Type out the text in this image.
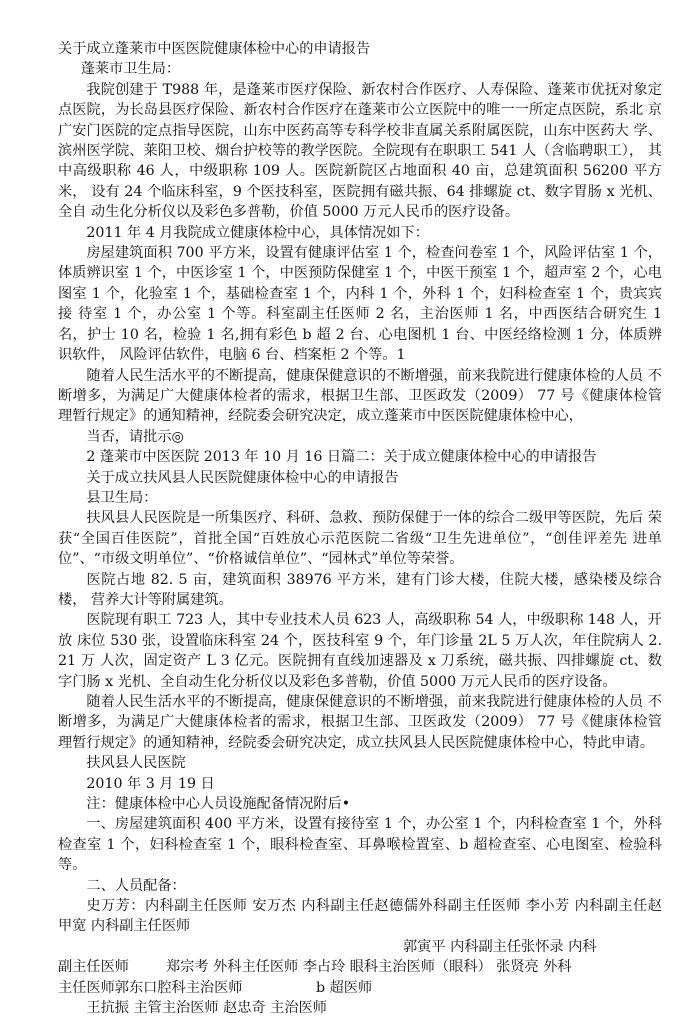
关于成立蓬莱市中医医院健康体检中心的申请报告

蓬莱市卫生局：

我院创建于 T988 年，是蓬莱市医疗保险、新农村合作医疗、人寿保险、蓬莱市优抚对象定 点医院，为长岛县医疗保险、新农村合作医疗在蓬莱市公立医院中的唯一一所定点医院，系北 京广安门医院的定点指导医院，山东中医药高等专科学校非直属关系附属医院，山东中医药大 学、滨州医学院、莱阳卫校、烟台护校等的教学医院。全院现有在职职工 541 人（含临聘职工）， 其中高级职称 46 人，中级职称 109 人。医院新院区占地面积 40 亩，总建筑面积 56200 平方米， 设有 24 个临床科室，9 个医技科室，医院拥有磁共振、64 排螺旋 ct、数字胃肠 x 光机、全自 动生化分析仪以及彩色多普勒，价值 5000 万元人民币的医疗设备。

2011 年 4 月我院成立健康体检中心，具体情况如下：

房屋建筑面积 700 平方米，设置有健康评估室 1 个，检查问卷室 1 个，风险评估室 1 个， 体质辨识室 1 个，中医诊室 1 个，中医预防保健室 1 个，中医干预室 1 个，超声室 2 个，心电 图室 1 个，化验室 1 个，基础检查室 1 个，内科 1 个，外科 1 个，妇科检查室 1 个，贵宾宾接 待室 1 个，办公室 1 个等。科室副主任医师 2 名，主治医师 1 名，中西医结合研究生 1 名，护士 10 名，检验 1 名,拥有彩色 b 超 2 台、心电图机 1 台、中医经络检测 1 分，体质辨识软件， 风险评估软件，电脑 6 台、档案柜 2 个等。1

随着人民生活水平的不断提高，健康保健意识的不断增强，前来我院进行健康体检的人员 不断增多，为满足广大健康体检者的需求，根据卫生部、卫医政发（2009） 77 号《健康体检管 理暂行规定》的通知精神，经院委会研究决定，成立蓬莱市中医医院健康体检中心，

当否，请批示◎

2 蓬莱市中医医院 2013 年 10 月 16 日篇二：关于成立健康体检中心的申请报告

关于成立扶风县人民医院健康体检中心的申请报告

县卫生局：

扶风县人民医院是一所集医疗、科研、急救、预防保健于一体的综合二级甲等医院，先后 荣获“全国百佳医院”，首批全国“百姓放心示范医院二省级“卫生先进单位”，“创佳评差先 进单位”、“市级文明单位”、“价格诚信单位”、“园林式”单位等荣誉。

医院占地 82. 5 亩，建筑面积 38976 平方米，建有门诊大楼，住院大楼，感染楼及综合楼， 营养大计等附属建筑。

医院现有职工 723 人，其中专业技术人员 623 人，高级职称 54 人，中级职称 148 人，开放 床位 530 张，设置临床科室 24 个，医技科室 9 个，年门诊量 2L 5 万人次，年住院病人 2. 21 万 人次，固定资产 L 3 亿元。医院拥有直线加速器及 x 刀系统，磁共振、四排螺旋 ct、数字门肠 x 光机、全自动生化分析仪以及彩色多普勒，价值 5000 万元人民币的医疗设备。

随着人民生活水平的不断提高，健康保健意识的不断增强，前来我院进行健康体检的人员 不断增多，为满足广大健康体检者的需求，根据卫生部、卫医政发（2009） 77 号《健康体检管 理暂行规定》的通知精神，经院委会研究决定，成立扶风县人民医院健康体检中心，特此申请。

扶风县人民医院

2010 年 3 月 19 日

注：健康体检中心人员设施配备情况附后•

一、房屋建筑面积 400 平方米，设置有接待室 1 个，办公室 1 个，内科检查室 1 个，外科 检查室 1 个，妇科检查室 1 个，眼科检查室、耳鼻喉检置室、b 超检查室、心电图室、检验科 等。

二、人员配备：

史万芳：内科副主任医师 安万杰 内科副主任赵德儒外科副主任医师 李小芳 内科副主任赵 甲宽 内科副主任医师

郭寅平 内科副主任张怀录 内科

副主任医师	郑宗考 外科主任医师 李占玲 眼科主治医师（眼科） 张贤亮 外科

主任医师郭东口腔科主治医师	b 超医师

王抗振 主管主治医师 赵忠奇 主治医师
